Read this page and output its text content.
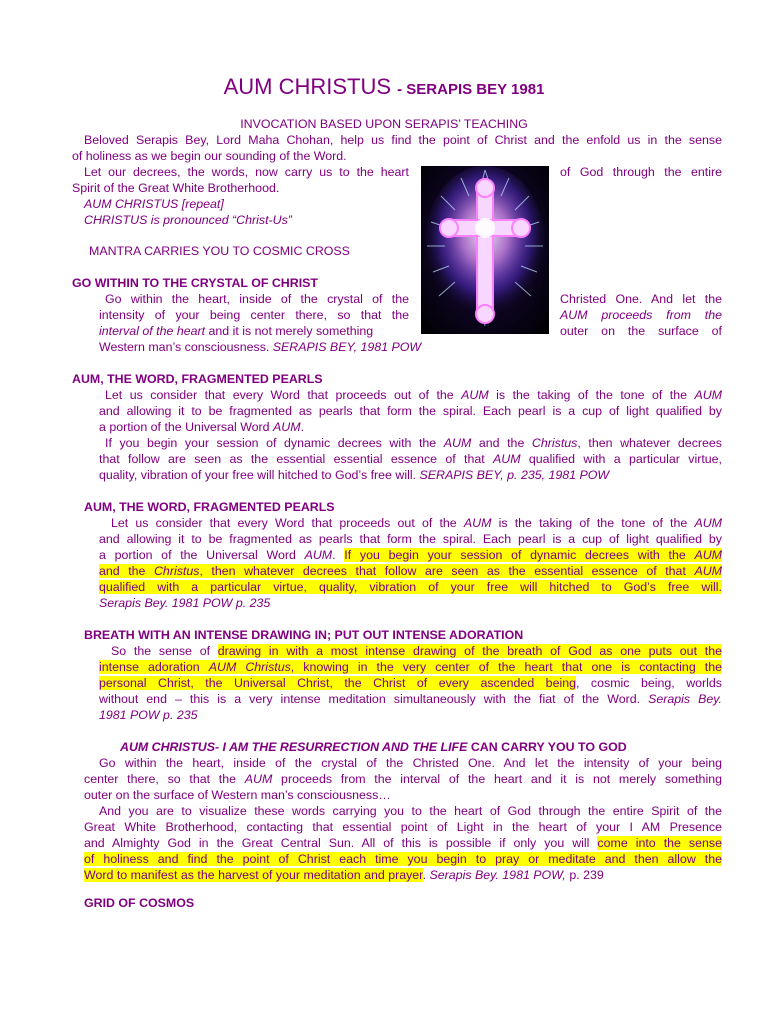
AUM CHRISTUS - SERAPIS BEY 1981
INVOCATION BASED UPON SERAPIS’ TEACHING
Beloved Serapis Bey, Lord Maha Chohan, help us find the point of Christ and the enfold us in the sense
of holiness as we begin our sounding of the Word.
Let our decrees, the words, now carry us to the heart	of God through the entire
Spirit of the Great White Brotherhood.
AUM CHRISTUS [repeat]
CHRISTUS is pronounced “Christ-Us”
MANTRA CARRIES YOU TO COSMIC CROSS
GO WITHIN TO THE CRYSTAL OF CHRIST
Go within the heart, inside of the crystal of the	Christed One. And let the
intensity of your being center there, so that the	AUM proceeds from the
interval of the heart and it is not merely something	outer on the surface of
Western man’s consciousness. SERAPIS BEY, 1981 POW
AUM, THE WORD, FRAGMENTED PEARLS
Let us consider that every Word that proceeds out of the AUM is the taking of the tone of the AUM
and allowing it to be fragmented as pearls that form the spiral. Each pearl is a cup of light qualified by
a portion of the Universal Word AUM.
If you begin your session of dynamic decrees with the AUM and the Christus, then whatever decrees
that follow are seen as the essential essential essence of that AUM qualified with a particular virtue,
quality, vibration of your free will hitched to God’s free will. SERAPIS BEY, p. 235, 1981 POW
AUM, THE WORD, FRAGMENTED PEARLS
Let us consider that every Word that proceeds out of the AUM is the taking of the tone of the AUM
and allowing it to be fragmented as pearls that form the spiral. Each pearl is a cup of light qualified by
a portion of the Universal Word AUM. If you begin your session of dynamic decrees with the AUM
and the Christus, then whatever decrees that follow are seen as the essential essence of that AUM
qualified with a particular virtue, quality, vibration of your free will hitched to God’s free will.
Serapis Bey. 1981 POW p. 235
BREATH WITH AN INTENSE DRAWING IN; PUT OUT INTENSE ADORATION
So the sense of drawing in with a most intense drawing of the breath of God as one puts out the
intense adoration AUM Christus, knowing in the very center of the heart that one is contacting the
personal Christ, the Universal Christ, the Christ of every ascended being, cosmic being, worlds
without end – this is a very intense meditation simultaneously with the fiat of the Word. Serapis Bey.
1981 POW p. 235
AUM CHRISTUS- I AM THE RESURRECTION AND THE LIFE CAN CARRY YOU TO GOD
Go within the heart, inside of the crystal of the Christed One. And let the intensity of your being
center there, so that the AUM proceeds from the interval of the heart and it is not merely something
outer on the surface of Western man’s consciousness…
And you are to visualize these words carrying you to the heart of God through the entire Spirit of the
Great White Brotherhood, contacting that essential point of Light in the heart of your I AM Presence
and Almighty God in the Great Central Sun. All of this is possible if only you will come into the sense
of holiness and find the point of Christ each time you begin to pray or meditate and then allow the
Word to manifest as the harvest of your meditation and prayer. Serapis Bey. 1981 POW, p. 239
GRID OF COSMOS
